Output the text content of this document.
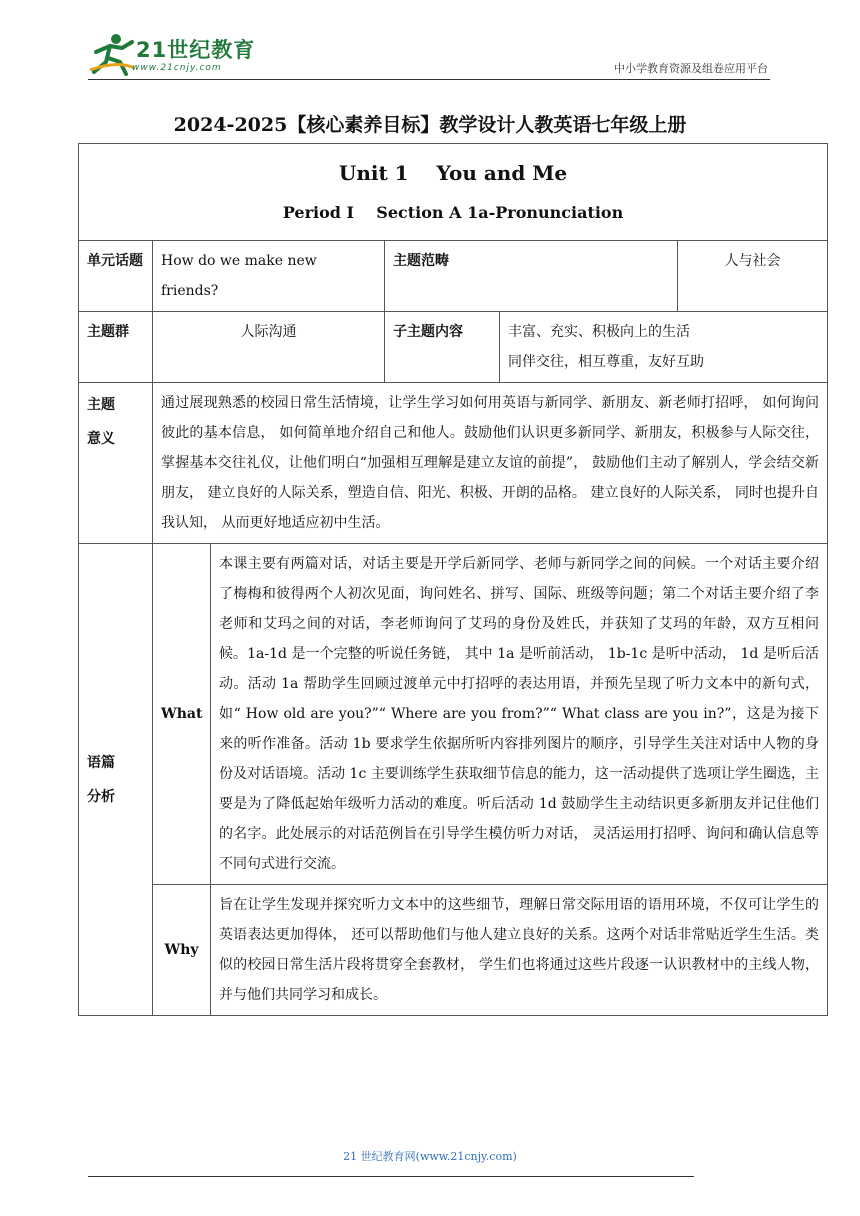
21世纪教育
www.21cnjy.com	中小学教育资源及组卷应用平台
2024-2025【核心素养目标】教学设计人教英语七年级上册
Unit 1    You and Me
Period I    Section A 1a-Pronunciation					

单元话题	How do we make new friends?		主题范畴		人与社会
主题群	人际沟通		子主题内容	丰富、充实、积极向上的生活
同伴交往，相互尊重，友好互助	

主题
意义	通过展现熟悉的校园日常生活情境，让学生学习如何用英语与新同学、新朋友、新老师打招呼， 如何询问彼此的基本信息， 如何简单地介绍自己和他人。鼓励他们认识更多新同学、新朋友，积极参与人际交往，掌握基本交往礼仪，让他们明白“加强相互理解是建立友谊的前提”， 鼓励他们主动了解别人，学会结交新朋友， 建立良好的人际关系，塑造自信、阳光、积极、开朗的品格。 建立良好的人际关系， 同时也提升自我认知， 从而更好地适应初中生活。				

语篇
分析	What	本课主要有两篇对话，对话主要是开学后新同学、老师与新同学之间的问候。一个对话主要介绍了梅梅和彼得两个人初次见面，询问姓名、拼写、国际、班级等问题；第二个对话主要介绍了李老师和艾玛之间的对话，李老师询问了艾玛的身份及姓氏，并获知了艾玛的年龄，双方互相问候。1a-1d 是一个完整的听说任务链， 其中 1a 是听前活动， 1b-1c 是听中活动， 1d 是听后活动。活动 1a 帮助学生回顾过渡单元中打招呼的表达用语，并预先呈现了听力文本中的新句式，如“ How old are you?”“ Where are you from?”“ What class are you in?”，这是为接下来的听作准备。活动 1b 要求学生依据所听内容排列图片的顺序，引导学生关注对话中人物的身份及对话语境。活动 1c 主要训练学生获取细节信息的能力，这一活动提供了选项让学生圈选，主要是为了降低起始年级听力活动的难度。听后活动 1d 鼓励学生主动结识更多新朋友并记住他们的名字。此处展示的对话范例旨在引导学生模仿听力对话， 灵活运用打招呼、询问和确认信息等不同句式进行交流。			
	Why	旨在让学生发现并探究听力文本中的这些细节，理解日常交际用语的语用环境，不仅可让学生的英语表达更加得体， 还可以帮助他们与他人建立良好的关系。这两个对话非常贴近学生生活。类似的校园日常生活片段将贯穿全套教材， 学生们也将通过这些片段逐一认识教材中的主线人物，并与他们共同学习和成长。			
21 世纪教育网(www.21cnjy.com)
